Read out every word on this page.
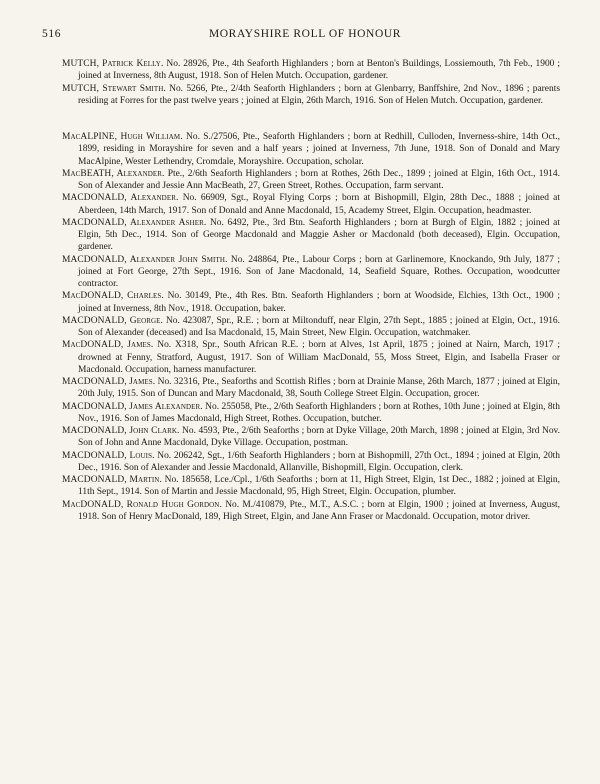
516	MORAYSHIRE ROLL OF HONOUR

MUTCH, Patrick Kelly. No. 28926, Pte., 4th Seaforth Highlanders ; born at Benton's Buildings, Lossiemouth, 7th Feb., 1900 ; joined at Inverness, 8th August, 1918. Son of Helen Mutch. Occupation, gardener.

MUTCH, Stewart Smith. No. 5266, Pte., 2/4th Seaforth Highlanders ; born at Glenbarry, Banffshire, 2nd Nov., 1896 ; parents residing at Forres for the past twelve years ; joined at Elgin, 26th March, 1916. Son of Helen Mutch. Occupation, gardener.

MacALPINE, Hugh William. No. S./27506, Pte., Seaforth Highlanders ; born at Redhill, Culloden, Inverness-shire, 14th Oct., 1899, residing in Morayshire for seven and a half years ; joined at Inverness, 7th June, 1918. Son of Donald and Mary MacAlpine, Wester Lethendry, Cromdale, Morayshire. Occupation, scholar.

MacBEATH, Alexander. Pte., 2/6th Seaforth Highlanders ; born at Rothes, 26th Dec., 1899 ; joined at Elgin, 16th Oct., 1914. Son of Alexander and Jessie Ann MacBeath, 27, Green Street, Rothes. Occupation, farm servant.

MACDONALD, Alexander. No. 66909, Sgt., Royal Flying Corps ; born at Bishopmill, Elgin, 28th Dec., 1888 ; joined at Aberdeen, 14th March, 1917. Son of Donald and Anne Macdonald, 15, Academy Street, Elgin. Occupation, headmaster.

MACDONALD, Alexander Asher. No. 6492, Pte., 3rd Btn. Seaforth Highlanders ; born at Burgh of Elgin, 1882 ; joined at Elgin, 5th Dec., 1914. Son of George Macdonald and Maggie Asher or Macdonald (both deceased), Elgin. Occupation, gardener.

MACDONALD, Alexander John Smith. No. 248864, Pte., Labour Corps ; born at Garlinemore, Knockando, 9th July, 1877 ; joined at Fort George, 27th Sept., 1916. Son of Jane Macdonald, 14, Seafield Square, Rothes. Occupation, woodcutter contractor.

MacDONALD, Charles. No. 30149, Pte., 4th Res. Btn. Seaforth Highlanders ; born at Woodside, Elchies, 13th Oct., 1900 ; joined at Inverness, 8th Nov., 1918. Occupation, baker.

MACDONALD, George. No. 423087, Spr., R.E. ; born at Miltonduff, near Elgin, 27th Sept., 1885 ; joined at Elgin, Oct., 1916. Son of Alexander (deceased) and Isa Macdonald, 15, Main Street, New Elgin. Occupation, watchmaker.

MacDONALD, James. No. X318, Spr., South African R.E. ; born at Alves, 1st April, 1875 ; joined at Nairn, March, 1917 ; drowned at Fenny, Stratford, August, 1917. Son of William MacDonald, 55, Moss Street, Elgin, and Isabella Fraser or Macdonald. Occupation, harness manufacturer.

MACDONALD, James. No. 32316, Pte., Seaforths and Scottish Rifles ; born at Drainie Manse, 26th March, 1877 ; joined at Elgin, 20th July, 1915. Son of Duncan and Mary Macdonald, 38, South College Street Elgin. Occupation, grocer.

MACDONALD, James Alexander. No. 255058, Pte., 2/6th Seaforth Highlanders ; born at Rothes, 10th June ; joined at Elgin, 8th Nov., 1916. Son of James Macdonald, High Street, Rothes. Occupation, butcher.

MACDONALD, John Clark. No. 4593, Pte., 2/6th Seaforths ; born at Dyke Village, 20th March, 1898 ; joined at Elgin, 3rd Nov. Son of John and Anne Macdonald, Dyke Village. Occupation, postman.

MACDONALD, Louis. No. 206242, Sgt., 1/6th Seaforth Highlanders ; born at Bishopmill, 27th Oct., 1894 ; joined at Elgin, 20th Dec., 1916. Son of Alexander and Jessie Macdonald, Allanville, Bishopmill, Elgin. Occupation, clerk.

MACDONALD, Martin. No. 185658, Lce./Cpl., 1/6th Seaforths ; born at 11, High Street, Elgin, 1st Dec., 1882 ; joined at Elgin, 11th Sept., 1914. Son of Martin and Jessie Macdonald, 95, High Street, Elgin. Occupation, plumber.

MacDONALD, Ronald Hugh Gordon. No. M./410879, Pte., M.T., A.S.C. ; born at Elgin, 1900 ; joined at Inverness, August, 1918. Son of Henry MacDonald, 189, High Street, Elgin, and Jane Ann Fraser or Macdonald. Occupation, motor driver.
